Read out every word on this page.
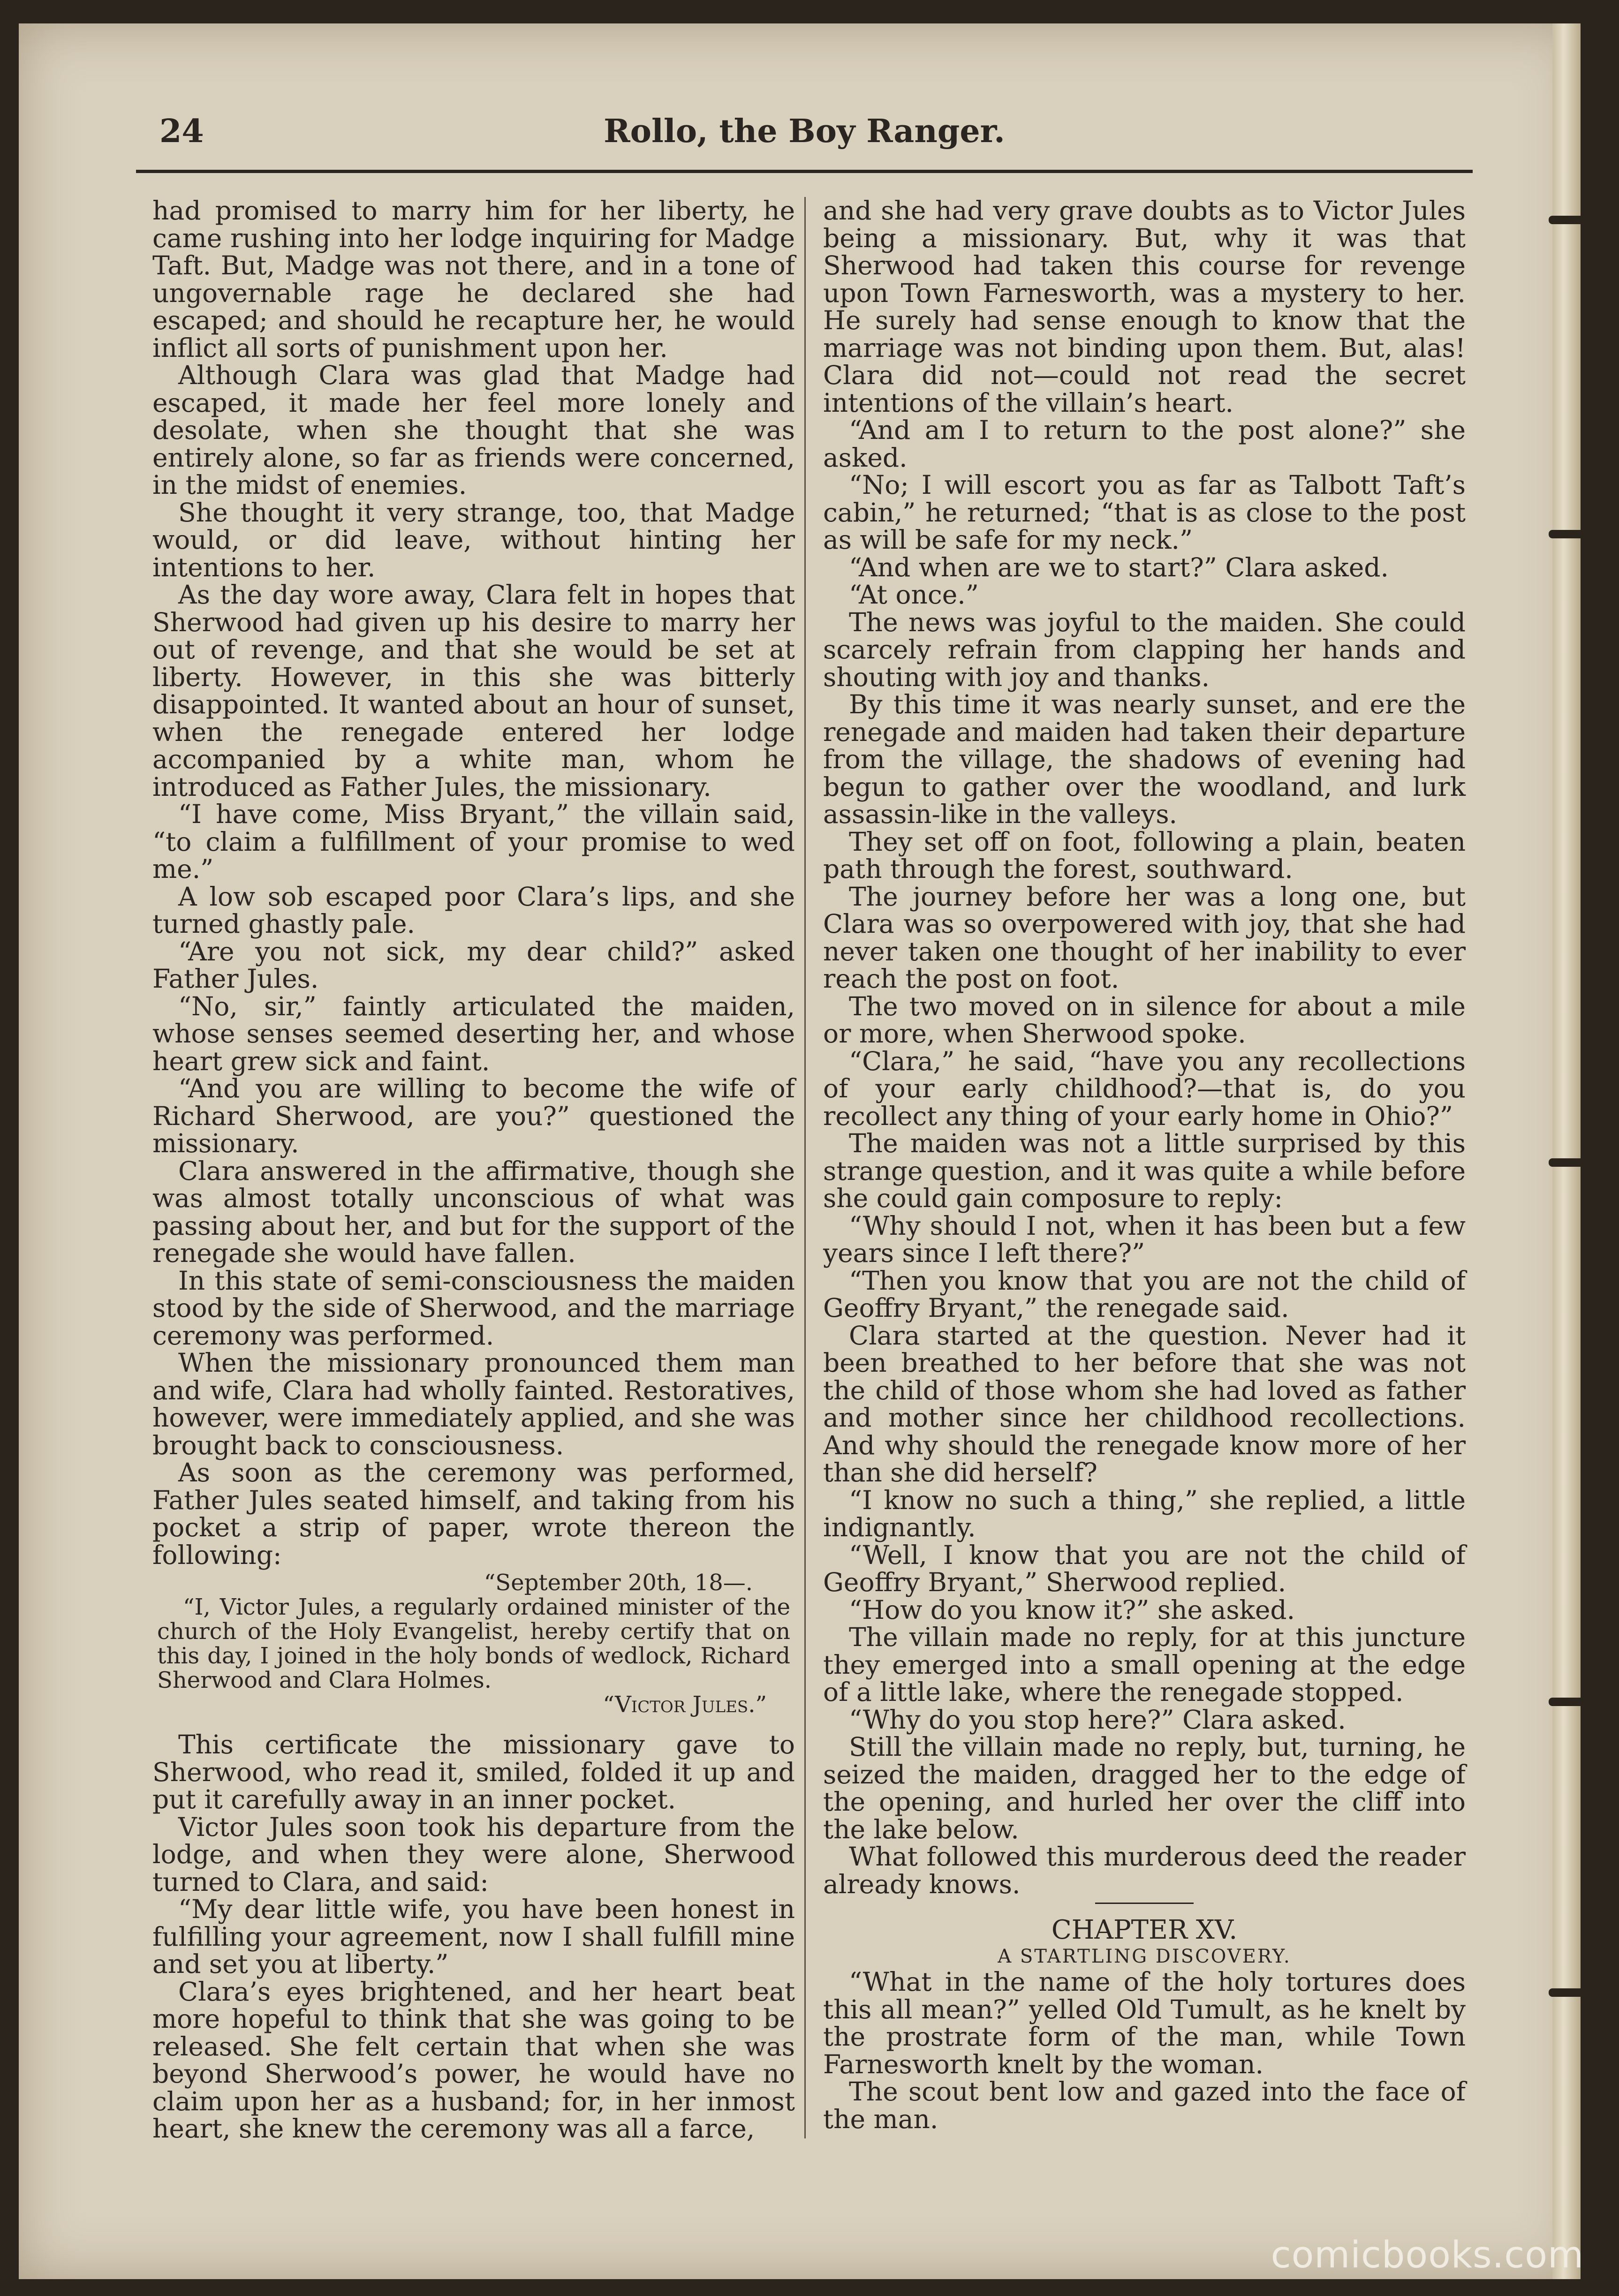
24	Rollo, the Boy Ranger.

had promised to marry him for her liberty, he came rushing into her lodge inquiring for Madge Taft. But, Madge was not there, and in a tone of ungovernable rage he declared she had escaped; and should he recapture her, he would inflict all sorts of punishment upon her.

Although Clara was glad that Madge had escaped, it made her feel more lonely and desolate, when she thought that she was entirely alone, so far as friends were concerned, in the midst of enemies.

She thought it very strange, too, that Madge would, or did leave, without hinting her intentions to her.

As the day wore away, Clara felt in hopes that Sherwood had given up his desire to marry her out of revenge, and that she would be set at liberty. However, in this she was bitterly disappointed. It wanted about an hour of sunset, when the renegade entered her lodge accompanied by a white man, whom he introduced as Father Jules, the missionary.

“I have come, Miss Bryant,” the villain said, “to claim a fulfillment of your promise to wed me.”

A low sob escaped poor Clara’s lips, and she turned ghastly pale.

“Are you not sick, my dear child?” asked Father Jules.

“No, sir,” faintly articulated the maiden, whose senses seemed deserting her, and whose heart grew sick and faint.

“And you are willing to become the wife of Richard Sherwood, are you?” questioned the missionary.

Clara answered in the affirmative, though she was almost totally unconscious of what was passing about her, and but for the support of the renegade she would have fallen.

In this state of semi-consciousness the maiden stood by the side of Sherwood, and the marriage ceremony was performed.

When the missionary pronounced them man and wife, Clara had wholly fainted. Restoratives, however, were immediately applied, and she was brought back to consciousness.

As soon as the ceremony was performed, Father Jules seated himself, and taking from his pocket a strip of paper, wrote thereon the following:

“September 20th, 18—.

“I, Victor Jules, a regularly ordained minister of the church of the Holy Evangelist, hereby certify that on this day, I joined in the holy bonds of wedlock, Richard Sherwood and Clara Holmes.

“Victor Jules.”

This certificate the missionary gave to Sherwood, who read it, smiled, folded it up and put it carefully away in an inner pocket.

Victor Jules soon took his departure from the lodge, and when they were alone, Sherwood turned to Clara, and said:

“My dear little wife, you have been honest in fulfilling your agreement, now I shall fulfill mine and set you at liberty.”

Clara’s eyes brightened, and her heart beat more hopeful to think that she was going to be released. She felt certain that when she was beyond Sherwood’s power, he would have no claim upon her as a husband; for, in her inmost heart, she knew the ceremony was all a farce,

and she had very grave doubts as to Victor Jules being a missionary. But, why it was that Sherwood had taken this course for revenge upon Town Farnesworth, was a mystery to her. He surely had sense enough to know that the marriage was not binding upon them. But, alas! Clara did not—could not read the secret intentions of the villain’s heart.

“And am I to return to the post alone?” she asked.

“No; I will escort you as far as Talbott Taft’s cabin,” he returned; “that is as close to the post as will be safe for my neck.”

“And when are we to start?” Clara asked.

“At once.”

The news was joyful to the maiden. She could scarcely refrain from clapping her hands and shouting with joy and thanks.

By this time it was nearly sunset, and ere the renegade and maiden had taken their departure from the village, the shadows of evening had begun to gather over the woodland, and lurk assassin-like in the valleys.

They set off on foot, following a plain, beaten path through the forest, southward.

The journey before her was a long one, but Clara was so overpowered with joy, that she had never taken one thought of her inability to ever reach the post on foot.

The two moved on in silence for about a mile or more, when Sherwood spoke.

“Clara,” he said, “have you any recollections of your early childhood?—that is, do you recollect any thing of your early home in Ohio?”

The maiden was not a little surprised by this strange question, and it was quite a while before she could gain composure to reply:

“Why should I not, when it has been but a few years since I left there?”

“Then you know that you are not the child of Geoffry Bryant,” the renegade said.

Clara started at the question. Never had it been breathed to her before that she was not the child of those whom she had loved as father and mother since her childhood recollections. And why should the renegade know more of her than she did herself?

“I know no such a thing,” she replied, a little indignantly.

“Well, I know that you are not the child of Geoffry Bryant,” Sherwood replied.

“How do you know it?” she asked.

The villain made no reply, for at this juncture they emerged into a small opening at the edge of a little lake, where the renegade stopped.

“Why do you stop here?” Clara asked.

Still the villain made no reply, but, turning, he seized the maiden, dragged her to the edge of the opening, and hurled her over the cliff into the lake below.

What followed this murderous deed the reader already knows.

CHAPTER XV.
A STARTLING DISCOVERY.

“What in the name of the holy tortures does this all mean?” yelled Old Tumult, as he knelt by the prostrate form of the man, while Town Farnesworth knelt by the woman.

The scout bent low and gazed into the face of the man.

comicbooks.com
